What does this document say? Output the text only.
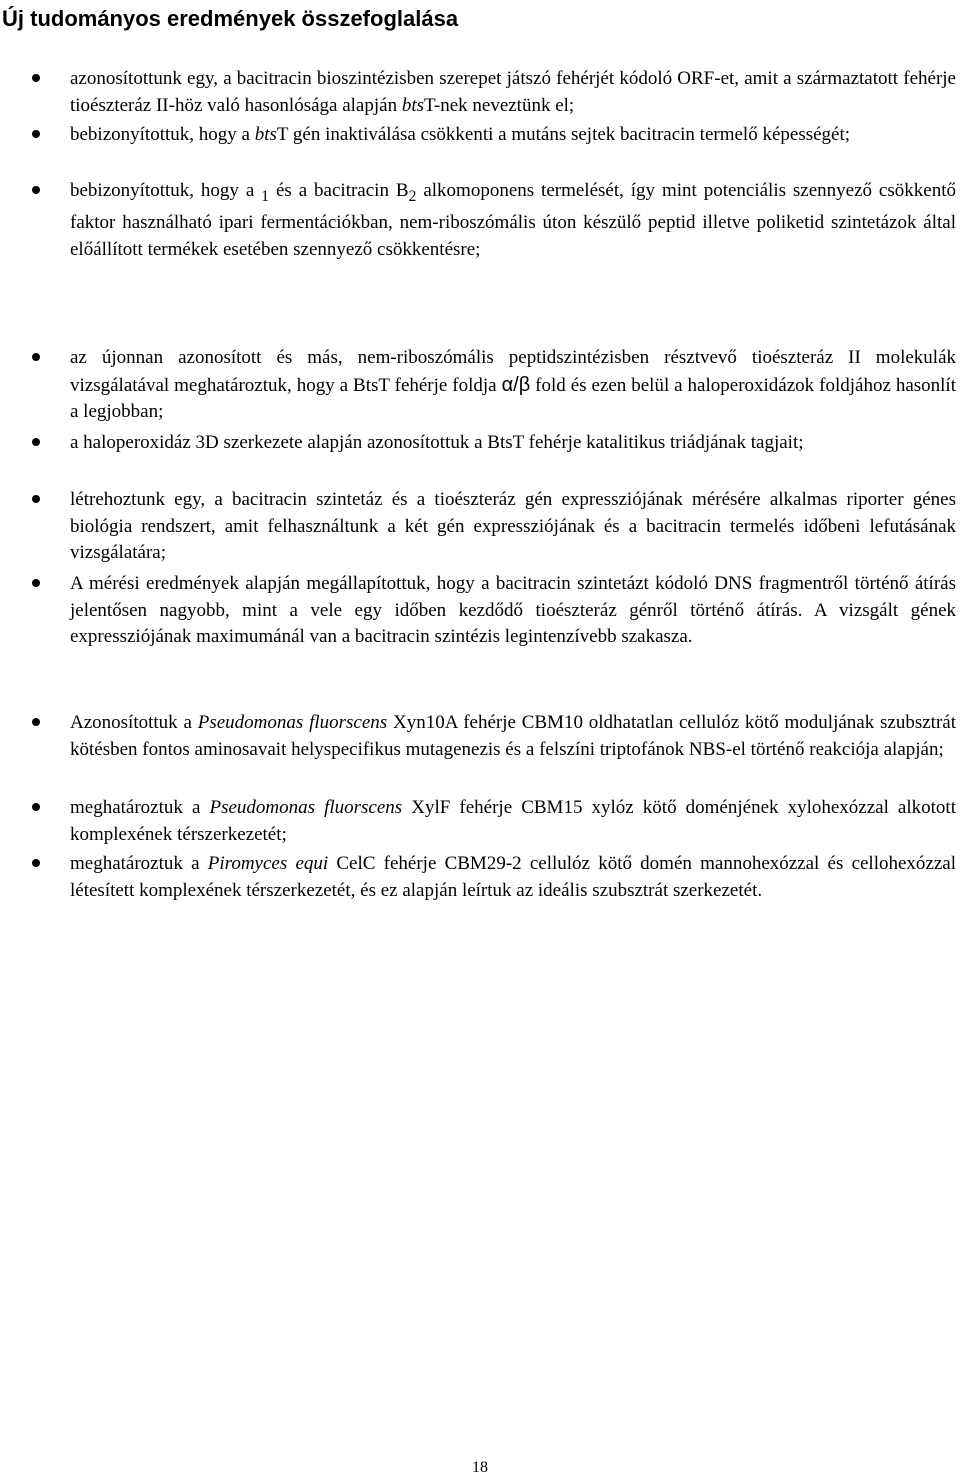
Új tudományos eredmények összefoglalása
azonosítottunk egy, a bacitracin bioszintézisben szerepet játszó fehérjét kódoló ORF-et, amit a származtatott fehérje tioészteráz II-höz való hasonlósága alapján btsT-nek neveztünk el;
bebizonyítottuk, hogy a btsT gén inaktiválása csökkenti a mutáns sejtek bacitracin termelő képességét;
bebizonyítottuk, hogy a $_1$ és a bacitracin $B_2$ alkomoponens termelését, így mint potenciális szennyező csökkentő faktor használható ipari fermentációkban, nem-riboszómális úton készülő peptid illetve poliketid szintetázok által előállított termékek esetében szennyező csökkentésre;
az újonnan azonosított és más, nem-riboszómális peptidszintézisben résztvevő tioészteráz II molekulák vizsgálatával meghatároztuk, hogy a BtsT fehérje foldja α/β fold és ezen belül a haloperoxidázok foldjához hasonlít a legjobban;
a haloperoxidáz 3D szerkezete alapján azonosítottuk a BtsT fehérje katalitikus triádjának tagjait;
létrehoztunk egy, a bacitracin szintetáz és a tioészteráz gén expressziójának mérésére alkalmas riporter génes biológia rendszert, amit felhasználtunk a két gén expressziójának és a bacitracin termelés időbeni lefutásának vizsgálatára;
A mérési eredmények alapján megállapítottuk, hogy a bacitracin szintetázt kódoló DNS fragmentről történő átírás jelentősen nagyobb, mint a vele egy időben kezdődő tioészteráz génről történő átírás. A vizsgált gének expressziójának maximumánál van a bacitracin szintézis legintenzívebb szakasza.
Azonosítottuk a Pseudomonas fluorscens Xyn10A fehérje CBM10 oldhatatlan cellulóz kötő moduljának szubsztrát kötésben fontos aminosavait helyspecifikus mutagenezis és a felszíni triptofánok NBS-el történő reakciója alapján;
meghatároztuk a Pseudomonas fluorscens XylF fehérje CBM15 xylóz kötő doménjének xylohexózzal alkotott komplexének térszerkezetét;
meghatároztuk a Piromyces equi CelC fehérje CBM29-2 cellulóz kötő domén mannohexózzal és cellohexózzal létesített komplexének térszerkezetét, és ez alapján leírtuk az ideális szubsztrát szerkezetét.
18
